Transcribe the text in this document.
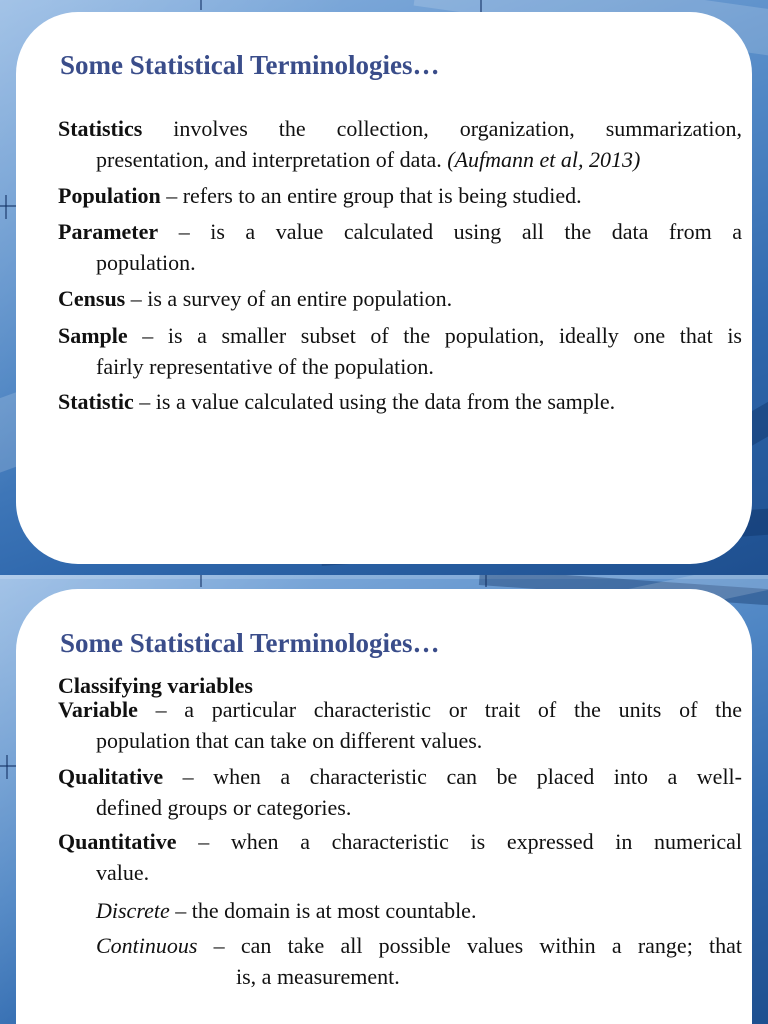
Some Statistical Terminologies…

Statistics involves the collection, organization, summarization,
presentation, and interpretation of data. (Aufmann et al, 2013)

Population – refers to an entire group that is being studied.

Parameter – is a value calculated using all the data from a
population.

Census – is a survey of an entire population.

Sample – is a smaller subset of the population, ideally one that is
fairly representative of the population.

Statistic – is a value calculated using the data from the sample.

Some Statistical Terminologies…
Classifying variables

Variable – a particular characteristic or trait of the units of the
population that can take on different values.

Qualitative – when a characteristic can be placed into a well-
defined groups or categories.

Quantitative – when a characteristic is expressed in numerical
value.

Discrete – the domain is at most countable.

Continuous – can take all possible values within a range; that
is, a measurement.
